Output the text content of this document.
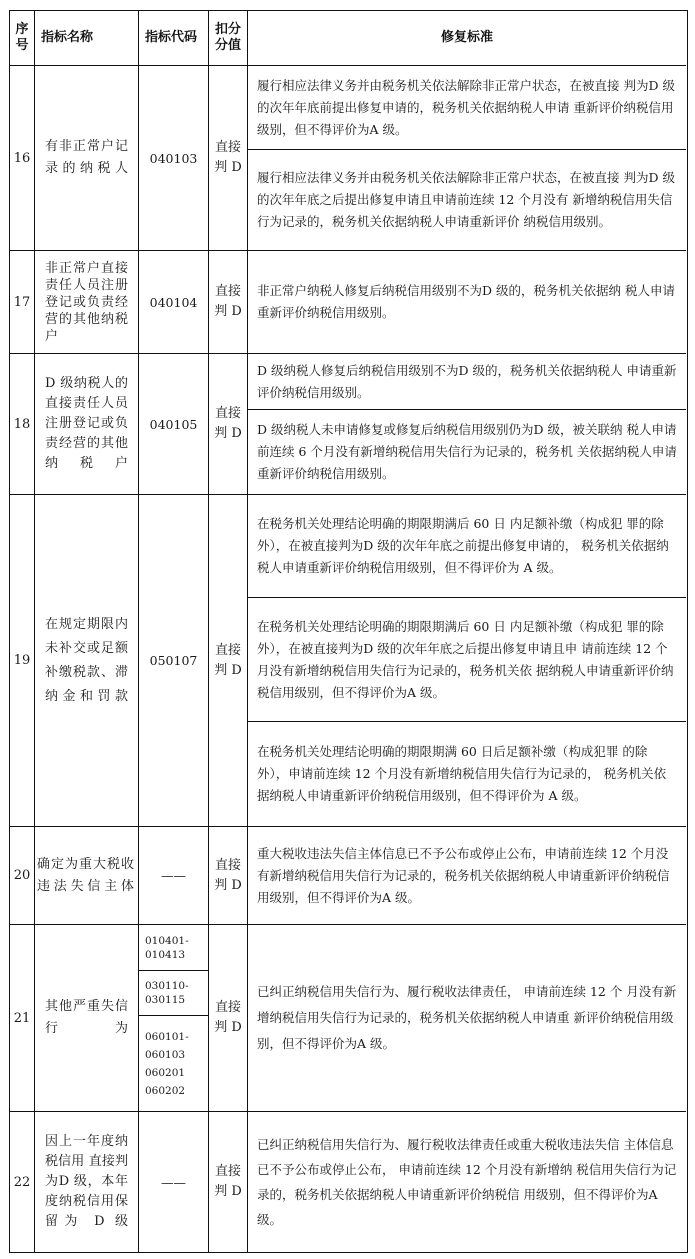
序号
指标名称	指标代码
扣分分值
修复标准
16
有非正常户记录的纳税人
040103
直接判 D
履行相应法律义务并由税务机关依法解除非正常户状态，在被直接 判为D 级的次年年底前提出修复申请的，税务机关依据纳税人申请 重新评价纳税信用级别，但不得评价为A 级。
履行相应法律义务并由税务机关依法解除非正常户状态，在被直接 判为D 级的次年年底之后提出修复申请且申请前连续 12 个月没有 新增纳税信用失信行为记录的，税务机关依据纳税人申请重新评价 纳税信用级别。
17
非正常户直接责任人员注册登记或负责经营的其他纳税户
040104
直接判 D
非正常户纳税人修复后纳税信用级别不为D 级的，税务机关依据纳 税人申请重新评价纳税信用级别。
18
D 级纳税人的直接责任人员注册登记或负责经营的其他纳税户
040105
直接判 D
D 级纳税人修复后纳税信用级别不为D 级的，税务机关依据纳税人 申请重新评价纳税信用级别。
D 级纳税人未申请修复或修复后纳税信用级别仍为D 级，被关联纳 税人申请前连续 6 个月没有新增纳税信用失信行为记录的，税务机 关依据纳税人申请重新评价纳税信用级别。
19
在规定期限内未补交或足额补缴税款、滞纳金和罚款
050107
直接判 D
在税务机关处理结论明确的期限期满后 60 日 内足额补缴（构成犯 罪的除外），在被直接判为D 级的次年年底之前提出修复申请的， 税务机关依据纳税人申请重新评价纳税信用级别，但不得评价为 A 级。
在税务机关处理结论明确的期限期满后 60 日 内足额补缴（构成犯 罪的除外），在被直接判为D 级的次年年底之后提出修复申请且申 请前连续 12 个月没有新增纳税信用失信行为记录的，税务机关依 据纳税人申请重新评价纳税信用级别，但不得评价为A 级。
在税务机关处理结论明确的期限期满 60 日后足额补缴（构成犯罪 的除外），申请前连续 12 个月没有新增纳税信用失信行为记录的， 税务机关依据纳税人申请重新评价纳税信用级别，但不得评价为 A 级。
20
确定为重大税收违法失信主体
——
直接判 D
重大税收违法失信主体信息已不予公布或停止公布，申请前连续 12 个月没有新增纳税信用失信行为记录的，税务机关依据纳税人申请重新评价纳税信用级别，但不得评价为A 级。
21
其他严重失信行为
010401-010413
030110-030115
060101-060103 060201 060202
直接判 D
已纠正纳税信用失信行为、履行税收法律责任， 申请前连续 12 个 月没有新增纳税信用失信行为记录的，税务机关依据纳税人申请重 新评价纳税信用级别，但不得评价为A 级。
22
因上一年度纳税信用 直接判为D 级，本年 度纳税信用保留为 D 级
——
直接判 D
已纠正纳税信用失信行为、履行税收法律责任或重大税收违法失信 主体信息已不予公布或停止公布， 申请前连续 12 个月没有新增纳 税信用失信行为记录的，税务机关依据纳税人申请重新评价纳税信 用级别，但不得评价为A 级。
